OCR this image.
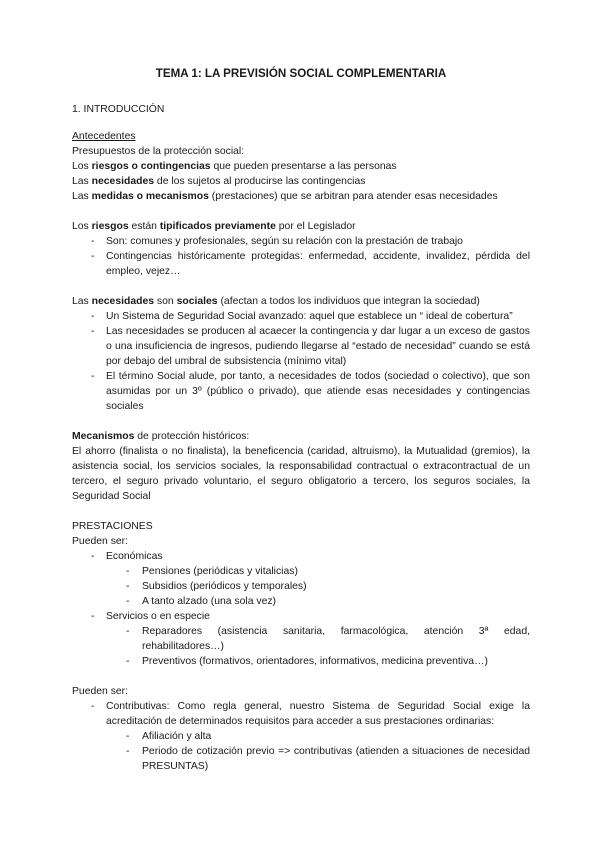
TEMA 1: LA PREVISIÓN SOCIAL COMPLEMENTARIA

1. INTRODUCCIÓN

Antecedentes

Presupuestos de la protección social:

Los riesgos o contingencias que pueden presentarse a las personas

Las necesidades de los sujetos al producirse las contingencias

Las medidas o mecanismos (prestaciones) que se arbitran para atender esas necesidades

Los riesgos están tipificados previamente por el Legislador

- Son: comunes y profesionales, según su relación con la prestación de trabajo
- Contingencias históricamente protegidas: enfermedad, accidente, invalidez, pérdida del empleo, vejez…

Las necesidades son sociales (afectan a todos los individuos que integran la sociedad)

- Un Sistema de Seguridad Social avanzado: aquel que establece un “ ideal de cobertura”
- Las necesidades se producen al acaecer la contingencia y dar lugar a un exceso de gastos o una insuficiencia de ingresos, pudiendo llegarse al “estado de necesidad” cuando se está por debajo del umbral de subsistencia (mínimo vital)
- El término Social alude, por tanto, a necesidades de todos (sociedad o colectivo), que son asumidas por un 3º (público o privado), que atiende esas necesidades y contingencias sociales

Mecanismos de protección históricos:

El ahorro (finalista o no finalista), la beneficencia (caridad, altruismo), la Mutualidad (gremios), la asistencia social, los servicios sociales, la responsabilidad contractual o extracontractual de un tercero, el seguro privado voluntario, el seguro obligatorio a tercero, los seguros sociales, la Seguridad Social

PRESTACIONES

Pueden ser:

- Económicas
- Pensiones (periódicas y vitalicias)
- Subsidios (periódicos y temporales)
- A tanto alzado (una sola vez)
- Servicios o en especie
- Reparadores (asistencia sanitaria, farmacológica, atención 3ª edad, rehabilitadores…)
- Preventivos (formativos, orientadores, informativos, medicina preventiva…)

Pueden ser:

- Contributivas: Como regla general, nuestro Sistema de Seguridad Social exige la acreditación de determinados requisitos para acceder a sus prestaciones ordinarias:
- Afiliación y alta
- Periodo de cotización previo => contributivas (atienden a situaciones de necesidad PRESUNTAS)
